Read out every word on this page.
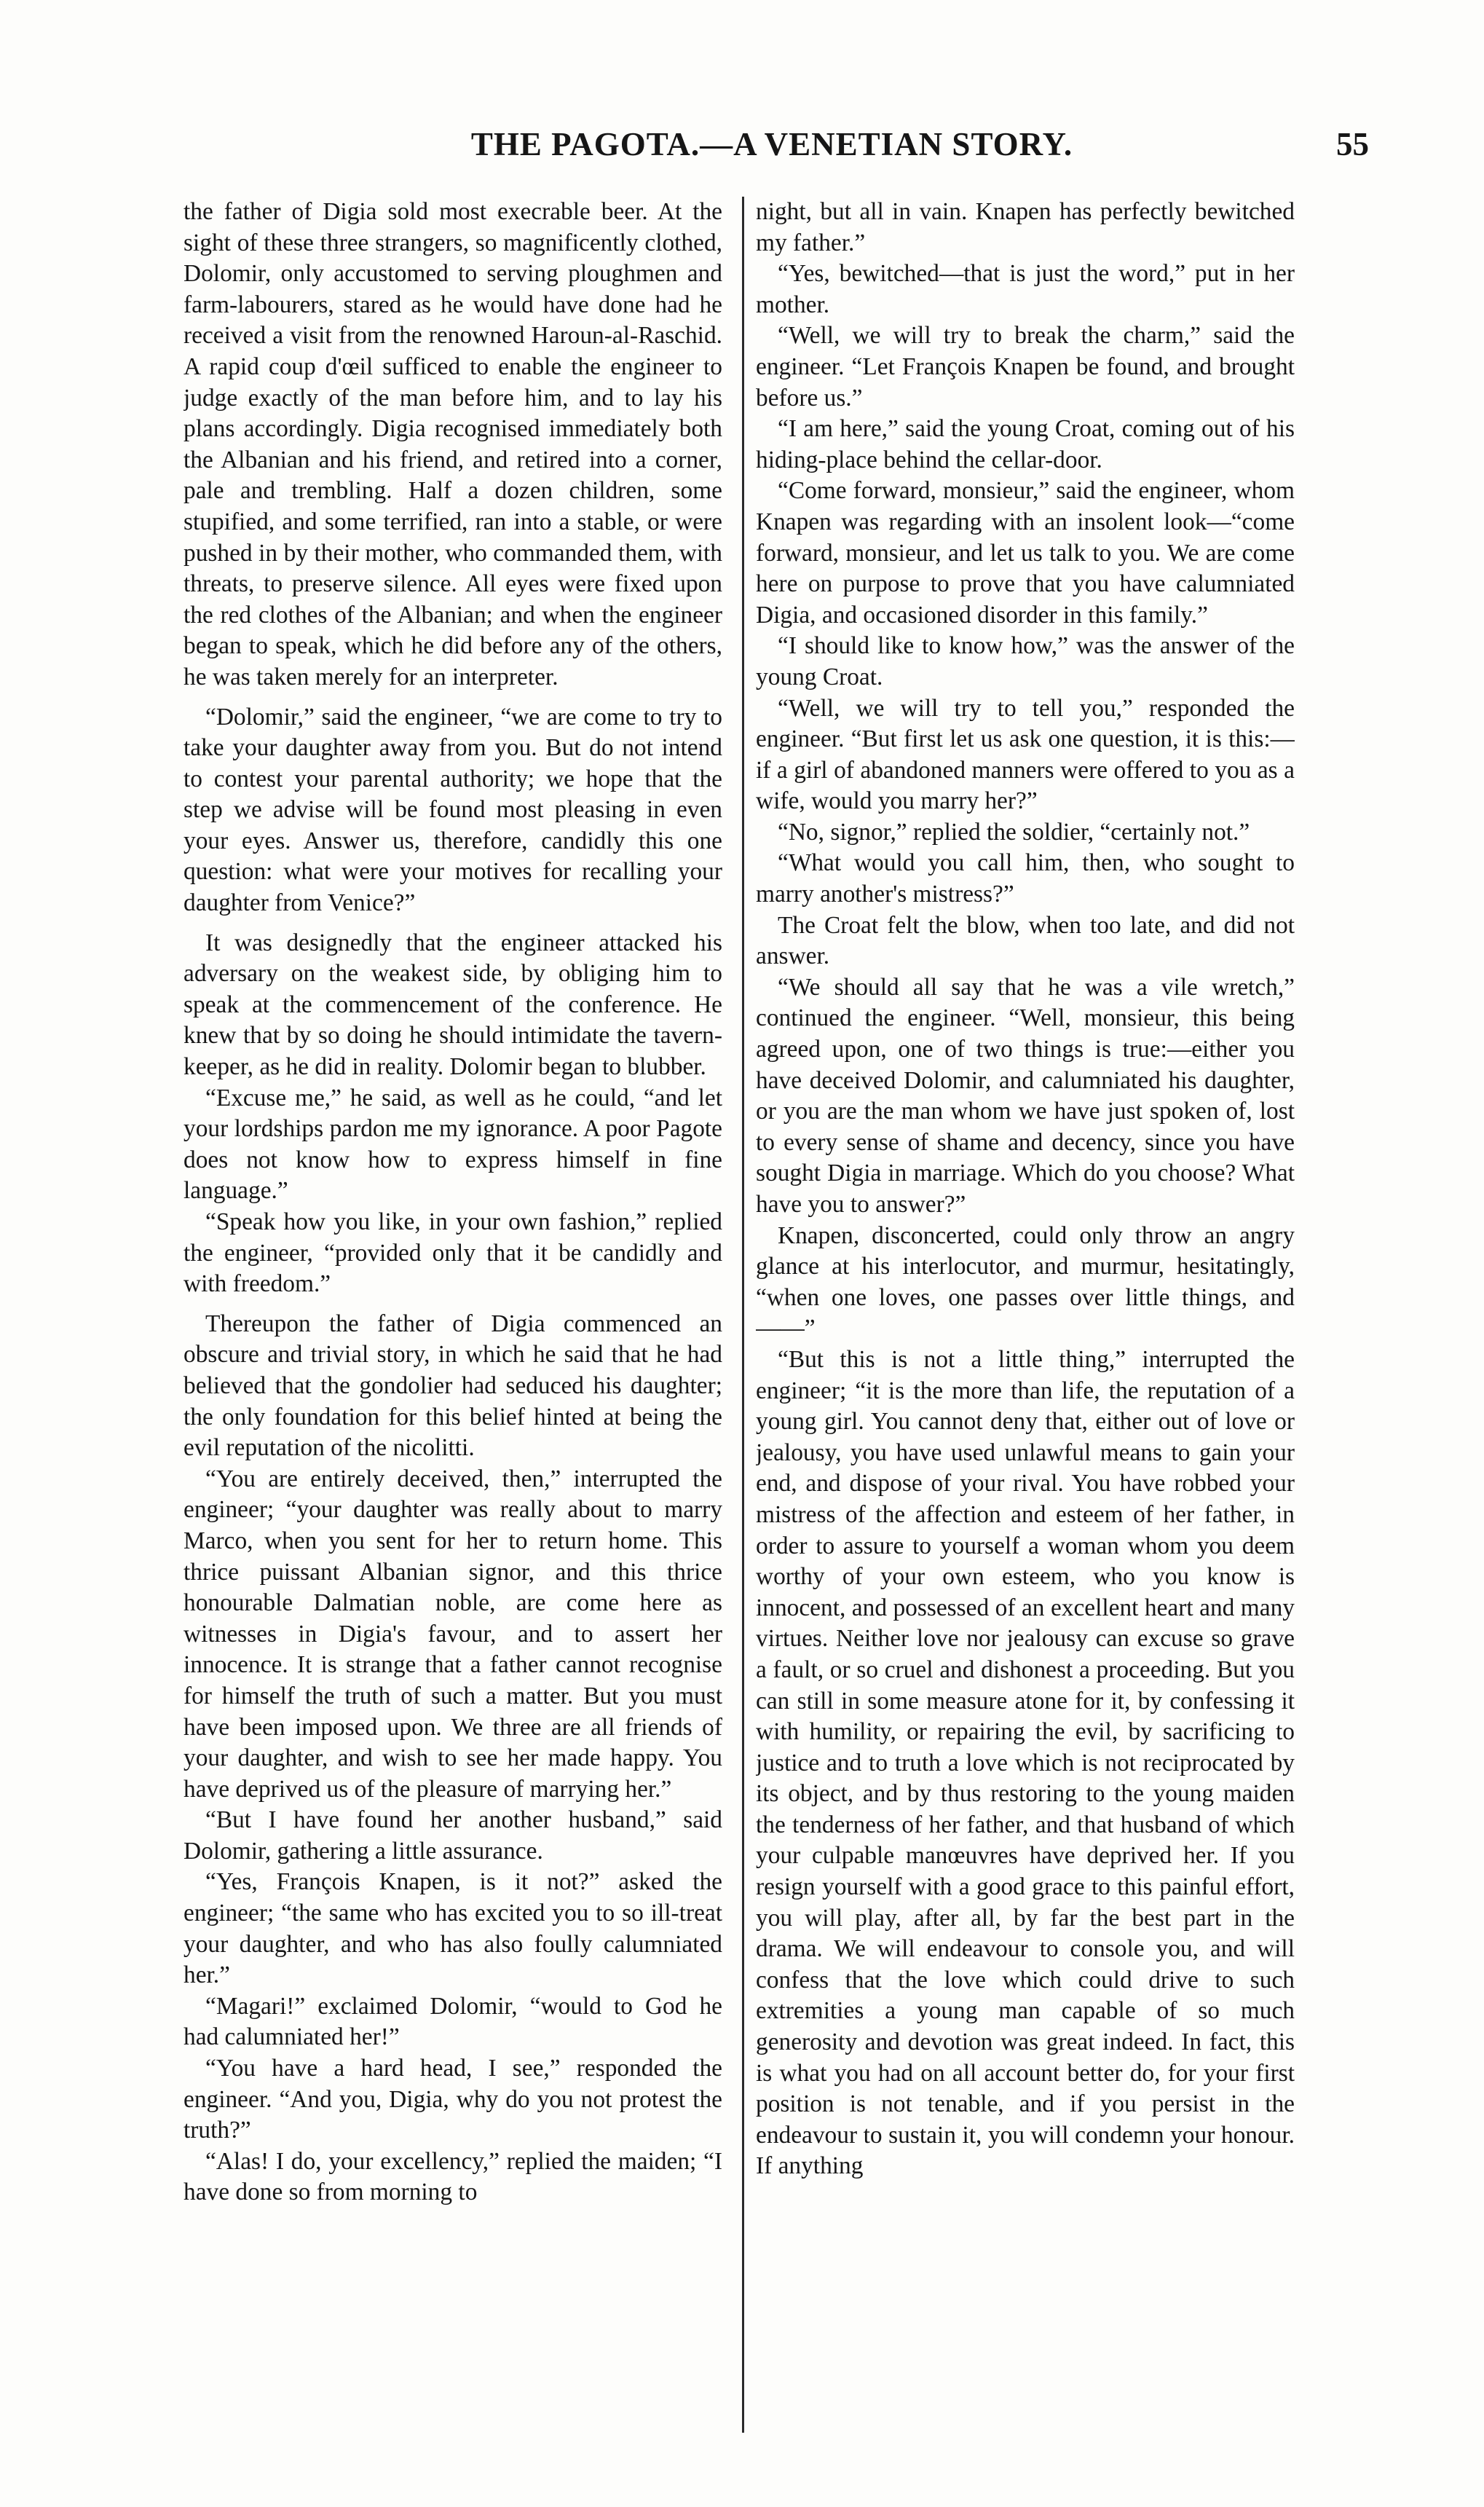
THE PAGOTA.—A VENETIAN STORY.	55

the father of Digia sold most execrable beer. At the sight of these three strangers, so magnificently clothed, Dolomir, only accustomed to serving ploughmen and farm-labourers, stared as he would have done had he received a visit from the renowned Haroun-al-Raschid. A rapid coup d'œil sufficed to enable the engineer to judge exactly of the man before him, and to lay his plans accordingly. Digia recognised immediately both the Albanian and his friend, and retired into a corner, pale and trembling. Half a dozen children, some stupified, and some terrified, ran into a stable, or were pushed in by their mother, who commanded them, with threats, to preserve silence. All eyes were fixed upon the red clothes of the Albanian; and when the engineer began to speak, which he did before any of the others, he was taken merely for an interpreter.

“Dolomir,” said the engineer, “we are come to try to take your daughter away from you. But do not intend to contest your parental authority; we hope that the step we advise will be found most pleasing in even your eyes. Answer us, therefore, candidly this one question: what were your motives for recalling your daughter from Venice?”

It was designedly that the engineer attacked his adversary on the weakest side, by obliging him to speak at the commencement of the conference. He knew that by so doing he should intimidate the tavern-keeper, as he did in reality. Dolomir began to blubber.

“Excuse me,” he said, as well as he could, “and let your lordships pardon me my ignorance. A poor Pagote does not know how to express himself in fine language.”

“Speak how you like, in your own fashion,” replied the engineer, “provided only that it be candidly and with freedom.”

Thereupon the father of Digia commenced an obscure and trivial story, in which he said that he had believed that the gondolier had seduced his daughter; the only foundation for this belief hinted at being the evil reputation of the nicolitti.

“You are entirely deceived, then,” interrupted the engineer; “your daughter was really about to marry Marco, when you sent for her to return home. This thrice puissant Albanian signor, and this thrice honourable Dalmatian noble, are come here as witnesses in Digia's favour, and to assert her innocence. It is strange that a father cannot recognise for himself the truth of such a matter. But you must have been imposed upon. We three are all friends of your daughter, and wish to see her made happy. You have deprived us of the pleasure of marrying her.”

“But I have found her another husband,” said Dolomir, gathering a little assurance.

“Yes, François Knapen, is it not?” asked the engineer; “the same who has excited you to so ill-treat your daughter, and who has also foully calumniated her.”

“Magari!” exclaimed Dolomir, “would to God he had calumniated her!”

“You have a hard head, I see,” responded the engineer. “And you, Digia, why do you not protest the truth?”

“Alas! I do, your excellency,” replied the maiden; “I have done so from morning to

night, but all in vain. Knapen has perfectly bewitched my father.”

“Yes, bewitched—that is just the word,” put in her mother.

“Well, we will try to break the charm,” said the engineer. “Let François Knapen be found, and brought before us.”

“I am here,” said the young Croat, coming out of his hiding-place behind the cellar-door.

“Come forward, monsieur,” said the engineer, whom Knapen was regarding with an insolent look—“come forward, monsieur, and let us talk to you. We are come here on purpose to prove that you have calumniated Digia, and occasioned disorder in this family.”

“I should like to know how,” was the answer of the young Croat.

“Well, we will try to tell you,” responded the engineer. “But first let us ask one question, it is this:—if a girl of abandoned manners were offered to you as a wife, would you marry her?”

“No, signor,” replied the soldier, “certainly not.”

“What would you call him, then, who sought to marry another's mistress?”

The Croat felt the blow, when too late, and did not answer.

“We should all say that he was a vile wretch,” continued the engineer. “Well, monsieur, this being agreed upon, one of two things is true:—either you have deceived Dolomir, and calumniated his daughter, or you are the man whom we have just spoken of, lost to every sense of shame and decency, since you have sought Digia in marriage. Which do you choose? What have you to answer?”

Knapen, disconcerted, could only throw an angry glance at his interlocutor, and murmur, hesitatingly, “when one loves, one passes over little things, and——”

“But this is not a little thing,” interrupted the engineer; “it is the more than life, the reputation of a young girl. You cannot deny that, either out of love or jealousy, you have used unlawful means to gain your end, and dispose of your rival. You have robbed your mistress of the affection and esteem of her father, in order to assure to yourself a woman whom you deem worthy of your own esteem, who you know is innocent, and possessed of an excellent heart and many virtues. Neither love nor jealousy can excuse so grave a fault, or so cruel and dishonest a proceeding. But you can still in some measure atone for it, by confessing it with humility, or repairing the evil, by sacrificing to justice and to truth a love which is not reciprocated by its object, and by thus restoring to the young maiden the tenderness of her father, and that husband of which your culpable manœuvres have deprived her. If you resign yourself with a good grace to this painful effort, you will play, after all, by far the best part in the drama. We will endeavour to console you, and will confess that the love which could drive to such extremities a young man capable of so much generosity and devotion was great indeed. In fact, this is what you had on all account better do, for your first position is not tenable, and if you persist in the endeavour to sustain it, you will condemn your honour. If anything
